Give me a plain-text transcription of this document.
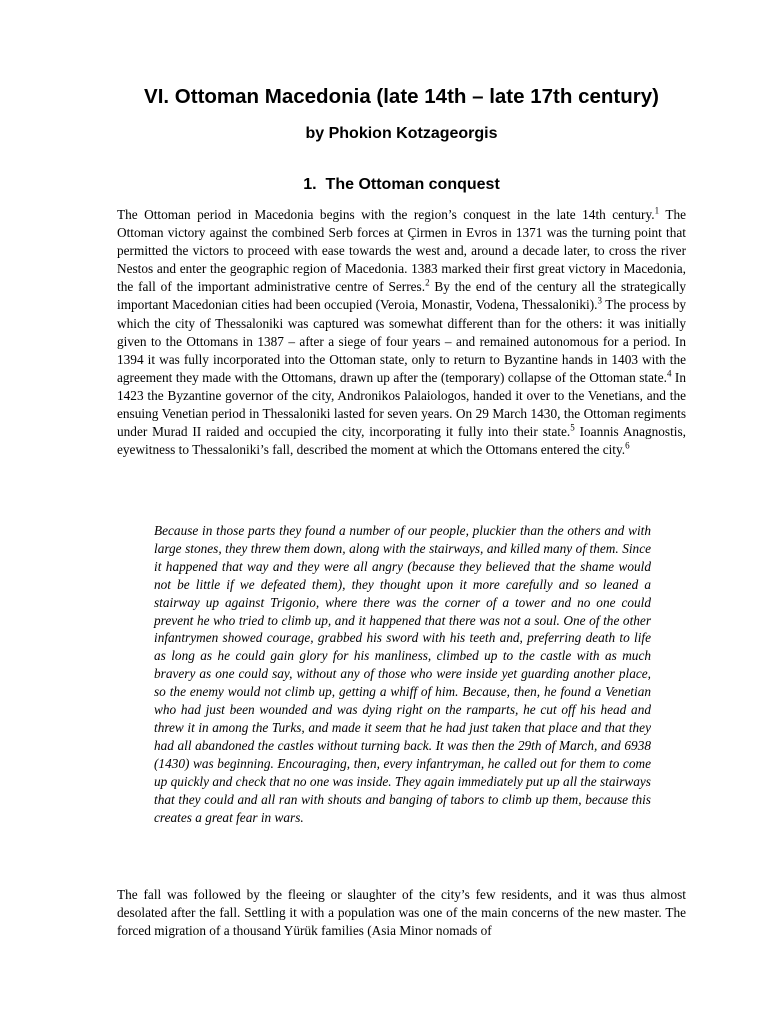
VI. Ottoman Macedonia (late 14th – late 17th century)

by Phokion Kotzageorgis

1. The Ottoman conquest

The Ottoman period in Macedonia begins with the region’s conquest in the late 14th century.$^1$ The Ottoman victory against the combined Serb forces at Çirmen in Evros in 1371 was the turning point that permitted the victors to proceed with ease towards the west and, around a decade later, to cross the river Nestos and enter the geographic region of Macedonia. 1383 marked their first great victory in Macedonia, the fall of the important administrative centre of Serres.$^2$ By the end of the century all the strategically important Macedonian cities had been occupied (Veroia, Monastir, Vodena, Thessaloniki).$^3$ The process by which the city of Thessaloniki was captured was somewhat different than for the others: it was initially given to the Ottomans in 1387 – after a siege of four years – and remained autonomous for a period. In 1394 it was fully incorporated into the Ottoman state, only to return to Byzantine hands in 1403 with the agreement they made with the Ottomans, drawn up after the (temporary) collapse of the Ottoman state.$^4$ In 1423 the Byzantine governor of the city, Andronikos Palaiologos, handed it over to the Venetians, and the ensuing Venetian period in Thessaloniki lasted for seven years. On 29 March 1430, the Ottoman regiments under Murad II raided and occupied the city, incorporating it fully into their state.$^5$ Ioannis Anagnostis, eyewitness to Thessaloniki’s fall, described the moment at which the Ottomans entered the city.$^6$

Because in those parts they found a number of our people, pluckier than the others and with large stones, they threw them down, along with the stairways, and killed many of them. Since it happened that way and they were all angry (because they believed that the shame would not be little if we defeated them), they thought upon it more carefully and so leaned a stairway up against Trigonio, where there was the corner of a tower and no one could prevent he who tried to climb up, and it happened that there was not a soul. One of the other infantrymen showed courage, grabbed his sword with his teeth and, preferring death to life as long as he could gain glory for his manliness, climbed up to the castle with as much bravery as one could say, without any of those who were inside yet guarding another place, so the enemy would not climb up, getting a whiff of him. Because, then, he found a Venetian who had just been wounded and was dying right on the ramparts, he cut off his head and threw it in among the Turks, and made it seem that he had just taken that place and that they had all abandoned the castles without turning back. It was then the 29th of March, and 6938 (1430) was beginning. Encouraging, then, every infantryman, he called out for them to come up quickly and check that no one was inside. They again immediately put up all the stairways that they could and all ran with shouts and banging of tabors to climb up them, because this creates a great fear in wars.

The fall was followed by the fleeing or slaughter of the city’s few residents, and it was thus almost desolated after the fall. Settling it with a population was one of the main concerns of the new master. The forced migration of a thousand Yürük families (Asia Minor nomads of
